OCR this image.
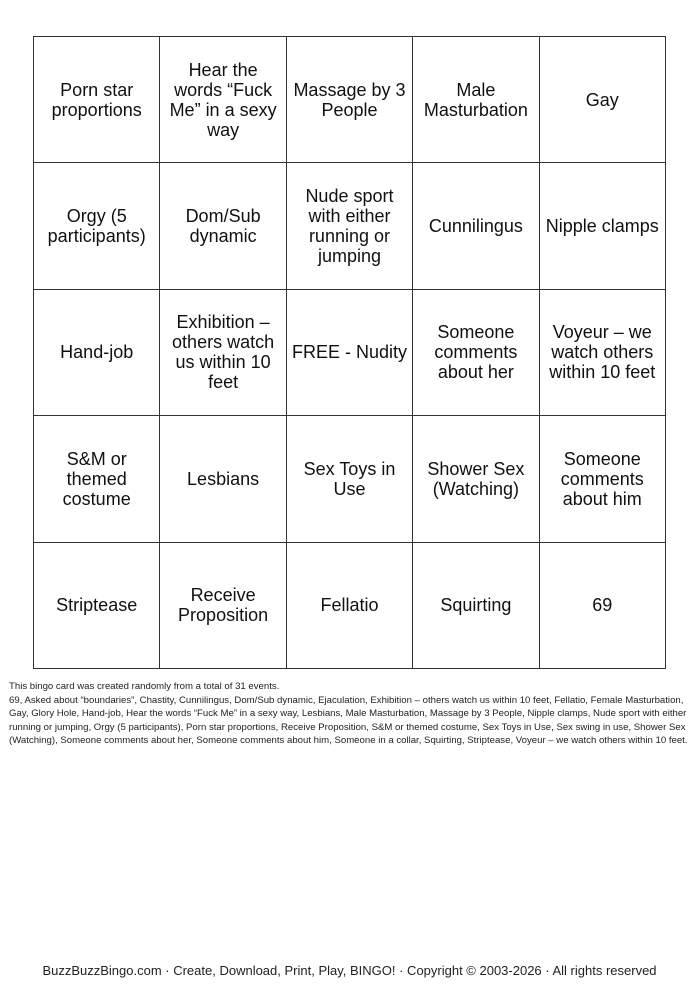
Porn star proportions	Hear the words “Fuck Me” in a sexy way	Massage by 3 People	Male Masturbation	Gay
Orgy (5 participants)	Dom/Sub dynamic	Nude sport with either running or jumping	Cunnilingus	Nipple clamps
Hand-job	Exhibition – others watch us within 10 feet	FREE - Nudity	Someone comments about her	Voyeur – we watch others within 10 feet
S&M or themed costume	Lesbians	Sex Toys in Use	Shower Sex (Watching)	Someone comments about him
Striptease	Receive Proposition	Fellatio	Squirting	69

This bingo card was created randomly from a total of 31 events.

69, Asked about “boundaries”, Chastity, Cunnilingus, Dom/Sub dynamic, Ejaculation, Exhibition – others watch us within 10 feet, Fellatio, Female Masturbation, Gay, Glory Hole, Hand-job, Hear the words “Fuck Me” in a sexy way, Lesbians, Male Masturbation, Massage by 3 People, Nipple clamps, Nude sport with either running or jumping, Orgy (5 participants), Porn star proportions, Receive Proposition, S&M or themed costume, Sex Toys in Use, Sex swing in use, Shower Sex (Watching), Someone comments about her, Someone comments about him, Someone in a collar, Squirting, Striptease, Voyeur – we watch others within 10 feet.

BuzzBuzzBingo.com · Create, Download, Print, Play, BINGO! · Copyright © 2003-2026 · All rights reserved
